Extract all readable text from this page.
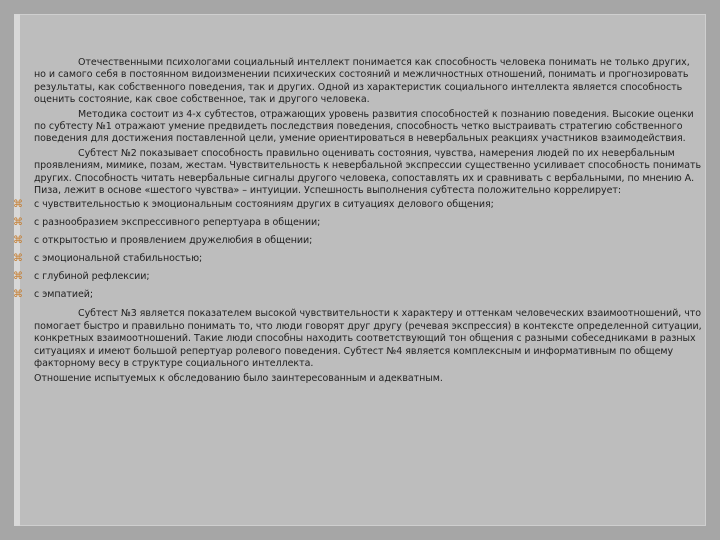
Отечественными психологами социальный интеллект понимается как способность человека понимать не только других, но и самого себя в постоянном видоизменении психических состояний и межличностных отношений, понимать и прогнозировать результаты, как собственного поведения, так и других. Одной из характеристик социального интеллекта является способность оценить состояние, как свое собственное, так и другого человека.

Методика состоит из 4-х субтестов, отражающих уровень развития способностей к познанию поведения. Высокие оценки по субтесту №1 отражают умение предвидеть последствия поведения, способность четко выстраивать стратегию собственного поведения для достижения поставленной цели, умение ориентироваться в невербальных реакциях участников взаимодействия.

Субтест №2 показывает способность правильно оценивать состояния, чувства, намерения людей по их невербальным проявлениям, мимике, позам, жестам. Чувствительность к невербальной экспрессии существенно усиливает способность понимать других. Способность читать невербальные сигналы другого человека, сопоставлять их и сравнивать с вербальными, по мнению А. Пиза, лежит в основе «шестого чувства» – интуиции. Успешность выполнения субтеста положительно коррелирует:

⌘ с чувствительностью к эмоциональным состояниям других в ситуациях делового общения;
⌘ с разнообразием экспрессивного репертуара в общении;
⌘ с открытостью и проявлением дружелюбия в общении;
⌘ с эмоциональной стабильностью;
⌘ с глубиной рефлексии;
⌘ с эмпатией;

Субтест №3 является показателем высокой чувствительности к характеру и оттенкам человеческих взаимоотношений, что помогает быстро и правильно понимать то, что люди говорят друг другу (речевая экспрессия) в контексте определенной ситуации, конкретных взаимоотношений. Такие люди способны находить соответствующий тон общения с разными собеседниками в разных ситуациях и имеют большой репертуар ролевого поведения. Субтест №4 является комплексным и информативным по общему факторному весу в структуре социального интеллекта.

Отношение испытуемых к обследованию было заинтересованным и адекватным.
